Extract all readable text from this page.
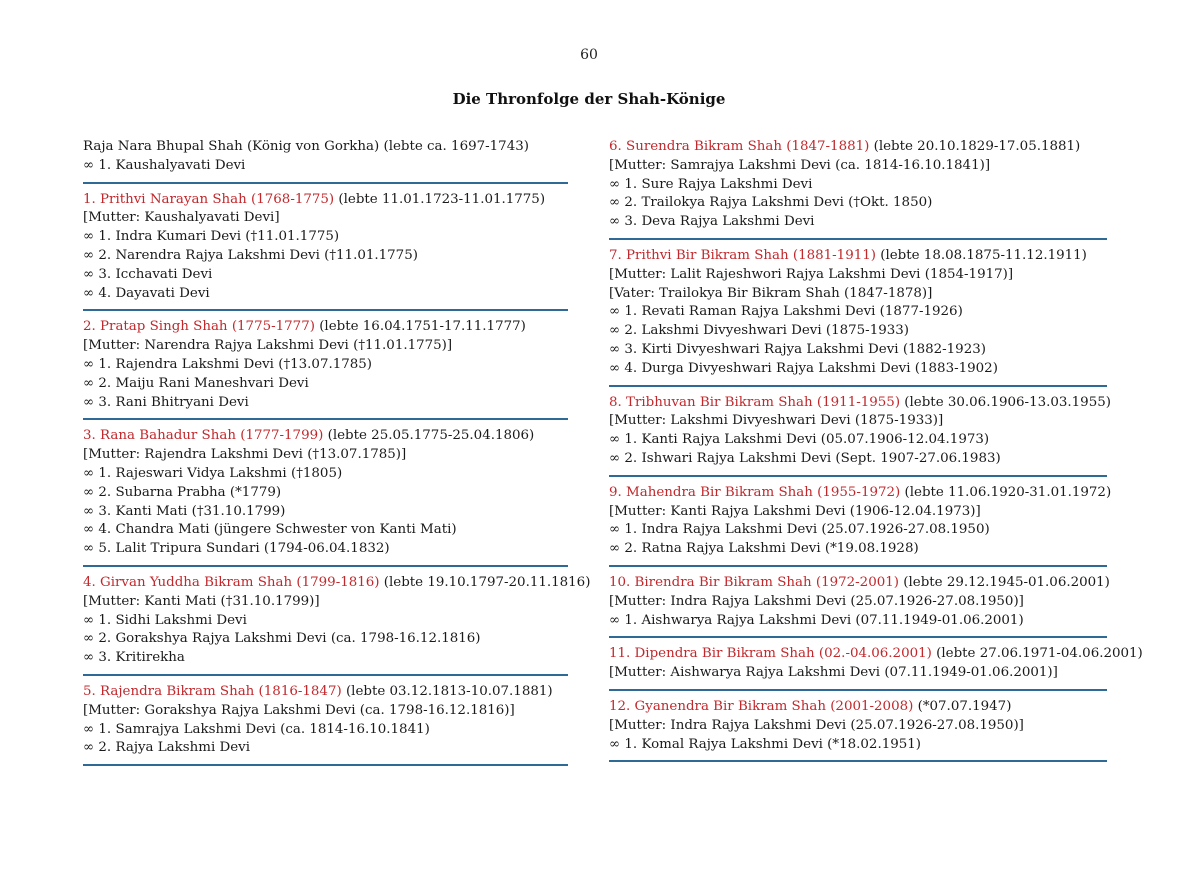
60
Die Thronfolge der Shah-Könige
Raja Nara Bhupal Shah (König von Gorkha) (lebte ca. 1697-1743)
∞ 1. Kaushalyavati Devi
1. Prithvi Narayan Shah (1768-1775) (lebte 11.01.1723-11.01.1775)
[Mutter: Kaushalyavati Devi]
∞ 1. Indra Kumari Devi (†11.01.1775)
∞ 2. Narendra Rajya Lakshmi Devi (†11.01.1775)
∞ 3. Icchavati Devi
∞ 4. Dayavati Devi
2. Pratap Singh Shah (1775-1777) (lebte 16.04.1751-17.11.1777)
[Mutter: Narendra Rajya Lakshmi Devi (†11.01.1775)]
∞ 1. Rajendra Lakshmi Devi (†13.07.1785)
∞ 2. Maiju Rani Maneshvari Devi
∞ 3. Rani Bhitryani Devi
3. Rana Bahadur Shah (1777-1799) (lebte 25.05.1775-25.04.1806)
[Mutter: Rajendra Lakshmi Devi (†13.07.1785)]
∞ 1. Rajeswari Vidya Lakshmi (†1805)
∞ 2. Subarna Prabha (*1779)
∞ 3. Kanti Mati (†31.10.1799)
∞ 4. Chandra Mati (jüngere Schwester von Kanti Mati)
∞ 5. Lalit Tripura Sundari (1794-06.04.1832)
4. Girvan Yuddha Bikram Shah (1799-1816) (lebte 19.10.1797-20.11.1816)
[Mutter: Kanti Mati (†31.10.1799)]
∞ 1. Sidhi Lakshmi Devi
∞ 2. Gorakshya Rajya Lakshmi Devi (ca. 1798-16.12.1816)
∞ 3. Kritirekha
5. Rajendra Bikram Shah (1816-1847) (lebte 03.12.1813-10.07.1881)
[Mutter: Gorakshya Rajya Lakshmi Devi (ca. 1798-16.12.1816)]
∞ 1. Samrajya Lakshmi Devi (ca. 1814-16.10.1841)
∞ 2. Rajya Lakshmi Devi
6. Surendra Bikram Shah (1847-1881) (lebte 20.10.1829-17.05.1881)
[Mutter: Samrajya Lakshmi Devi (ca. 1814-16.10.1841)]
∞ 1. Sure Rajya Lakshmi Devi
∞ 2. Trailokya Rajya Lakshmi Devi (†Okt. 1850)
∞ 3. Deva Rajya Lakshmi Devi
7. Prithvi Bir Bikram Shah (1881-1911) (lebte 18.08.1875-11.12.1911)
[Mutter: Lalit Rajeshwori Rajya Lakshmi Devi (1854-1917)]
[Vater: Trailokya Bir Bikram Shah (1847-1878)]
∞ 1. Revati Raman Rajya Lakshmi Devi (1877-1926)
∞ 2. Lakshmi Divyeshwari Devi (1875-1933)
∞ 3. Kirti Divyeshwari Rajya Lakshmi Devi (1882-1923)
∞ 4. Durga Divyeshwari Rajya Lakshmi Devi (1883-1902)
8. Tribhuvan Bir Bikram Shah (1911-1955) (lebte 30.06.1906-13.03.1955)
[Mutter: Lakshmi Divyeshwari Devi (1875-1933)]
∞ 1. Kanti Rajya Lakshmi Devi (05.07.1906-12.04.1973)
∞ 2. Ishwari Rajya Lakshmi Devi (Sept. 1907-27.06.1983)
9. Mahendra Bir Bikram Shah (1955-1972) (lebte 11.06.1920-31.01.1972)
[Mutter: Kanti Rajya Lakshmi Devi (1906-12.04.1973)]
∞ 1. Indra Rajya Lakshmi Devi (25.07.1926-27.08.1950)
∞ 2. Ratna Rajya Lakshmi Devi (*19.08.1928)
10. Birendra Bir Bikram Shah (1972-2001) (lebte 29.12.1945-01.06.2001)
[Mutter: Indra Rajya Lakshmi Devi (25.07.1926-27.08.1950)]
∞ 1. Aishwarya Rajya Lakshmi Devi (07.11.1949-01.06.2001)
11. Dipendra Bir Bikram Shah (02.-04.06.2001) (lebte 27.06.1971-04.06.2001)
[Mutter: Aishwarya Rajya Lakshmi Devi (07.11.1949-01.06.2001)]
12. Gyanendra Bir Bikram Shah (2001-2008) (*07.07.1947)
[Mutter: Indra Rajya Lakshmi Devi (25.07.1926-27.08.1950)]
∞ 1. Komal Rajya Lakshmi Devi (*18.02.1951)
